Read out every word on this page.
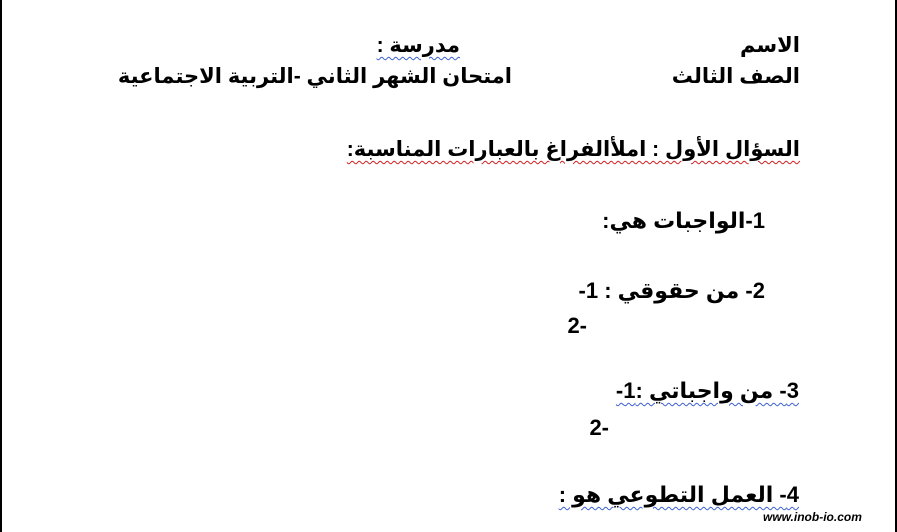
الاسم
مدرسة :
الصف الثالث
امتحان الشهر الثاني -التربية الاجتماعية
السؤال الأول : املأالفراغ بالعبارات المناسبة:
1-الواجبات هي:
2- من حقوقي : 1-
2-
3- من واجباتي :1-
2-
4- العمل التطوعي هو :
www.inob-io.com
